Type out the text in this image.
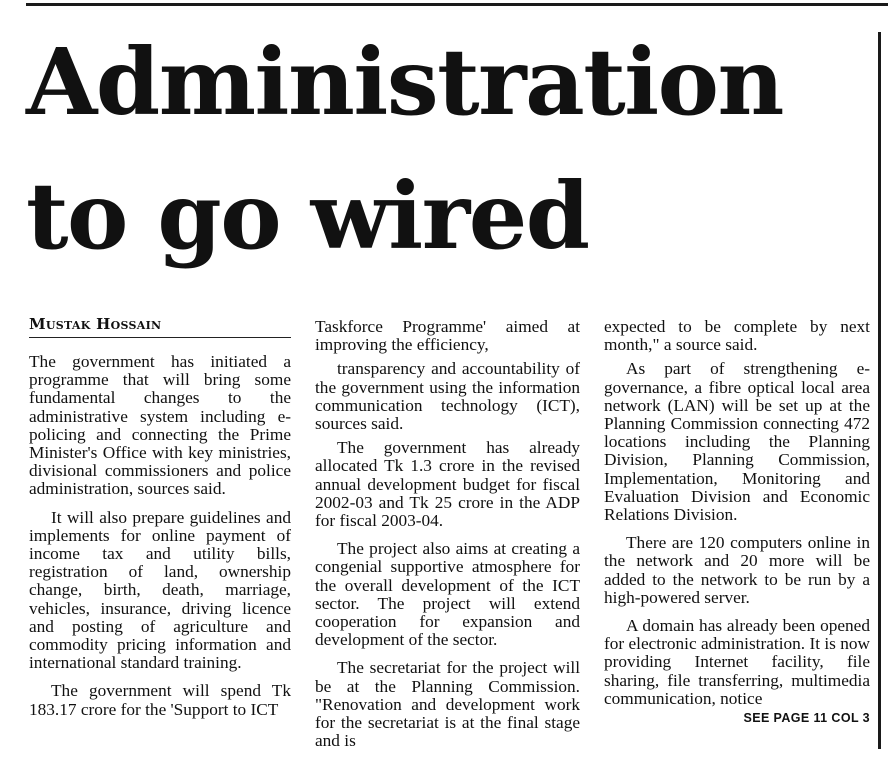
Administration
to go wired
Mustak Hossain

The government has initiated a programme that will bring some fundamental changes to the administrative system including e-policing and connecting the Prime Minister's Office with key ministries, divisional commissioners and police administration, sources said.

It will also prepare guidelines and implements for online payment of income tax and utility bills, registration of land, ownership change, birth, death, marriage, vehicles, insurance, driving licence and posting of agriculture and commodity pricing information and international standard training.

The government will spend Tk 183.17 crore for the 'Support to ICT

Taskforce Programme' aimed at improving the efficiency,

transparency and accountability of the government using the information communication technology (ICT), sources said.

The government has already allocated Tk 1.3 crore in the revised annual development budget for fiscal 2002-03 and Tk 25 crore in the ADP for fiscal 2003-04.

The project also aims at creating a congenial supportive atmosphere for the overall development of the ICT sector. The project will extend cooperation for expansion and development of the sector.

The secretariat for the project will be at the Planning Commission. "Renovation and development work for the secretariat is at the final stage and is

expected to be complete by next month," a source said.

As part of strengthening e-governance, a fibre optical local area network (LAN) will be set up at the Planning Commission connecting 472 locations including the Planning Division, Planning Commission, Implementation, Monitoring and Evaluation Division and Economic Relations Division.

There are 120 computers online in the network and 20 more will be added to the network to be run by a high-powered server.

A domain has already been opened for electronic administration. It is now providing Internet facility, file sharing, file transferring, multimedia communication, notice

SEE PAGE 11 COL 3
